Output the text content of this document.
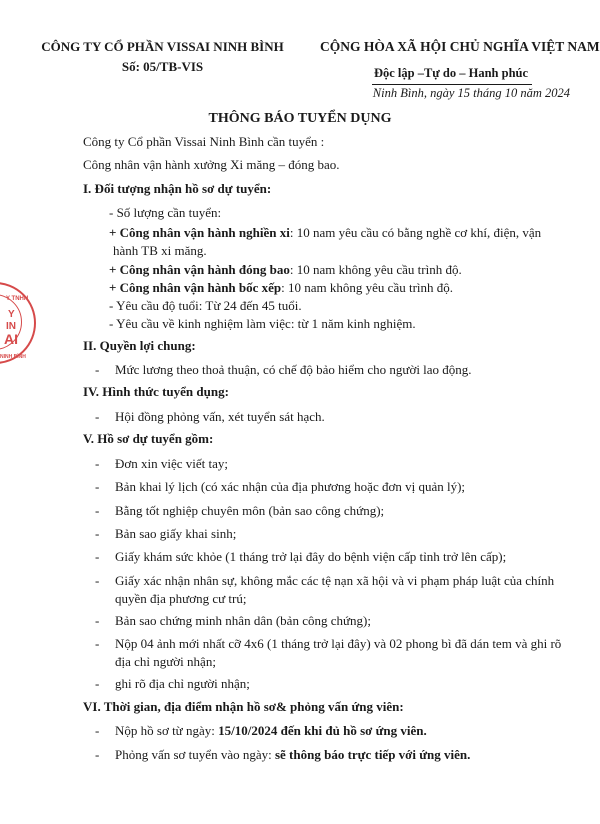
CÔNG TY CỔ PHẦN VISSAI NINH BÌNH
Số: 05/TB-VIS
CỘNG HÒA XÃ HỘI CHỦ NGHĨA VIỆT NAM
Độc lập –Tự do – Hanh phúc
Ninh Bình, ngày 15 tháng 10 năm 2024
THÔNG BÁO TUYỂN DỤNG
Công ty Cổ phần Vissai Ninh Bình cần tuyển :
Công nhân vận hành xưởng Xi măng – đóng bao.
I. Đối tượng nhận hồ sơ dự tuyển:
- Số lượng cần tuyển:
+ Công nhân vận hành nghiền xi: 10 nam yêu cầu có bằng nghề cơ khí, điện, vận
hành TB xi măng.
+ Công nhân vận hành đóng bao: 10 nam không yêu cầu trình độ.
+ Công nhân vận hành bốc xếp: 10 nam không yêu cầu trình độ.
- Yêu cầu độ tuổi: Từ 24 đến 45 tuổi.
- Yêu cầu về kinh nghiệm làm việc: từ 1 năm kinh nghiệm.
II. Quyền lợi chung:
- Mức lương theo thoả thuận, có chế độ bảo hiểm cho người lao động.
IV. Hình thức tuyển dụng:
- Hội đồng phỏng vấn, xét tuyển sát hạch.
V. Hồ sơ dự tuyển gồm:
- Đơn xin việc viết tay;
- Bản khai lý lịch (có xác nhận của địa phương hoặc đơn vị quản lý);
- Bằng tốt nghiệp chuyên môn (bản sao công chứng);
- Bản sao giấy khai sinh;
- Giấy khám sức khỏe (1 tháng trở lại đây do bệnh viện cấp tỉnh trở lên cấp);
- Giấy xác nhận nhân sự, không mắc các tệ nạn xã hội và vi phạm pháp luật của chính
quyền địa phương cư trú;
- Bản sao chứng minh nhân dân (bản công chứng);
- Nộp 04 ảnh mới nhất cỡ 4x6 (1 tháng trở lại đây) và 02 phong bì đã dán tem và ghi rõ
địa chỉ người nhận;
- ghi rõ địa chỉ người nhận;
VI. Thời gian, địa điểm nhận hồ sơ& phỏng vấn ứng viên:
- Nộp hồ sơ từ ngày: 15/10/2024 đến khi đủ hồ sơ ứng viên.
- Phỏng vấn sơ tuyển vào ngày: sẽ thông báo trực tiếp với ứng viên.
Y TNHH
Y
IN
AI
NINH BÌNH
